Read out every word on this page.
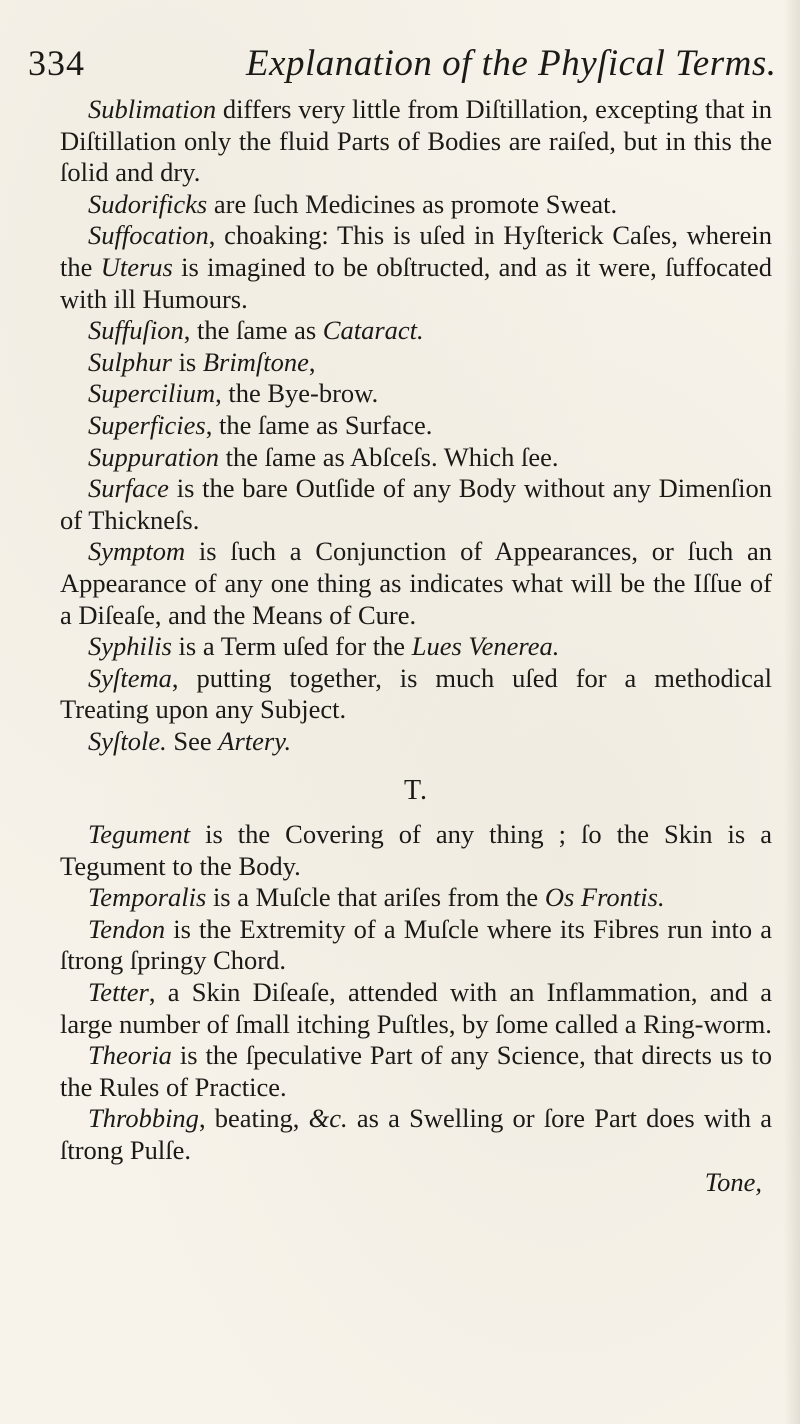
334	Explanation of the Phyſical Terms.

Sublimation differs very little from Diſtillation, excepting that in Diſtillation only the fluid Parts of Bodies are raiſed, but in this the ſolid and dry.

Sudorificks are ſuch Medicines as promote Sweat.

Suffocation, choaking: This is uſed in Hyſterick Caſes, wherein the Uterus is imagined to be obſtructed, and as it were, ſuffocated with ill Humours.

Suffuſion, the ſame as Cataract.

Sulphur is Brimſtone,

Supercilium, the Bye-brow.

Superficies, the ſame as Surface.

Suppuration the ſame as Abſceſs. Which ſee.

Surface is the bare Outſide of any Body without any Dimenſion of Thickneſs.

Symptom is ſuch a Conjunction of Appearances, or ſuch an Appearance of any one thing as indicates what will be the Iſſue of a Diſeaſe, and the Means of Cure.

Syphilis is a Term uſed for the Lues Venerea.

Syſtema, putting together, is much uſed for a methodical Treating upon any Subject.

Syſtole. See Artery.

T.

Tegument is the Covering of any thing ; ſo the Skin is a Tegument to the Body.

Temporalis is a Muſcle that ariſes from the Os Frontis.

Tendon is the Extremity of a Muſcle where its Fibres run into a ſtrong ſpringy Chord.

Tetter, a Skin Diſeaſe, attended with an Inflammation, and a large number of ſmall itching Puſtles, by ſome called a Ring-worm.

Theoria is the ſpeculative Part of any Science, that directs us to the Rules of Practice.

Throbbing, beating, &c. as a Swelling or ſore Part does with a ſtrong Pulſe.

Tone,
